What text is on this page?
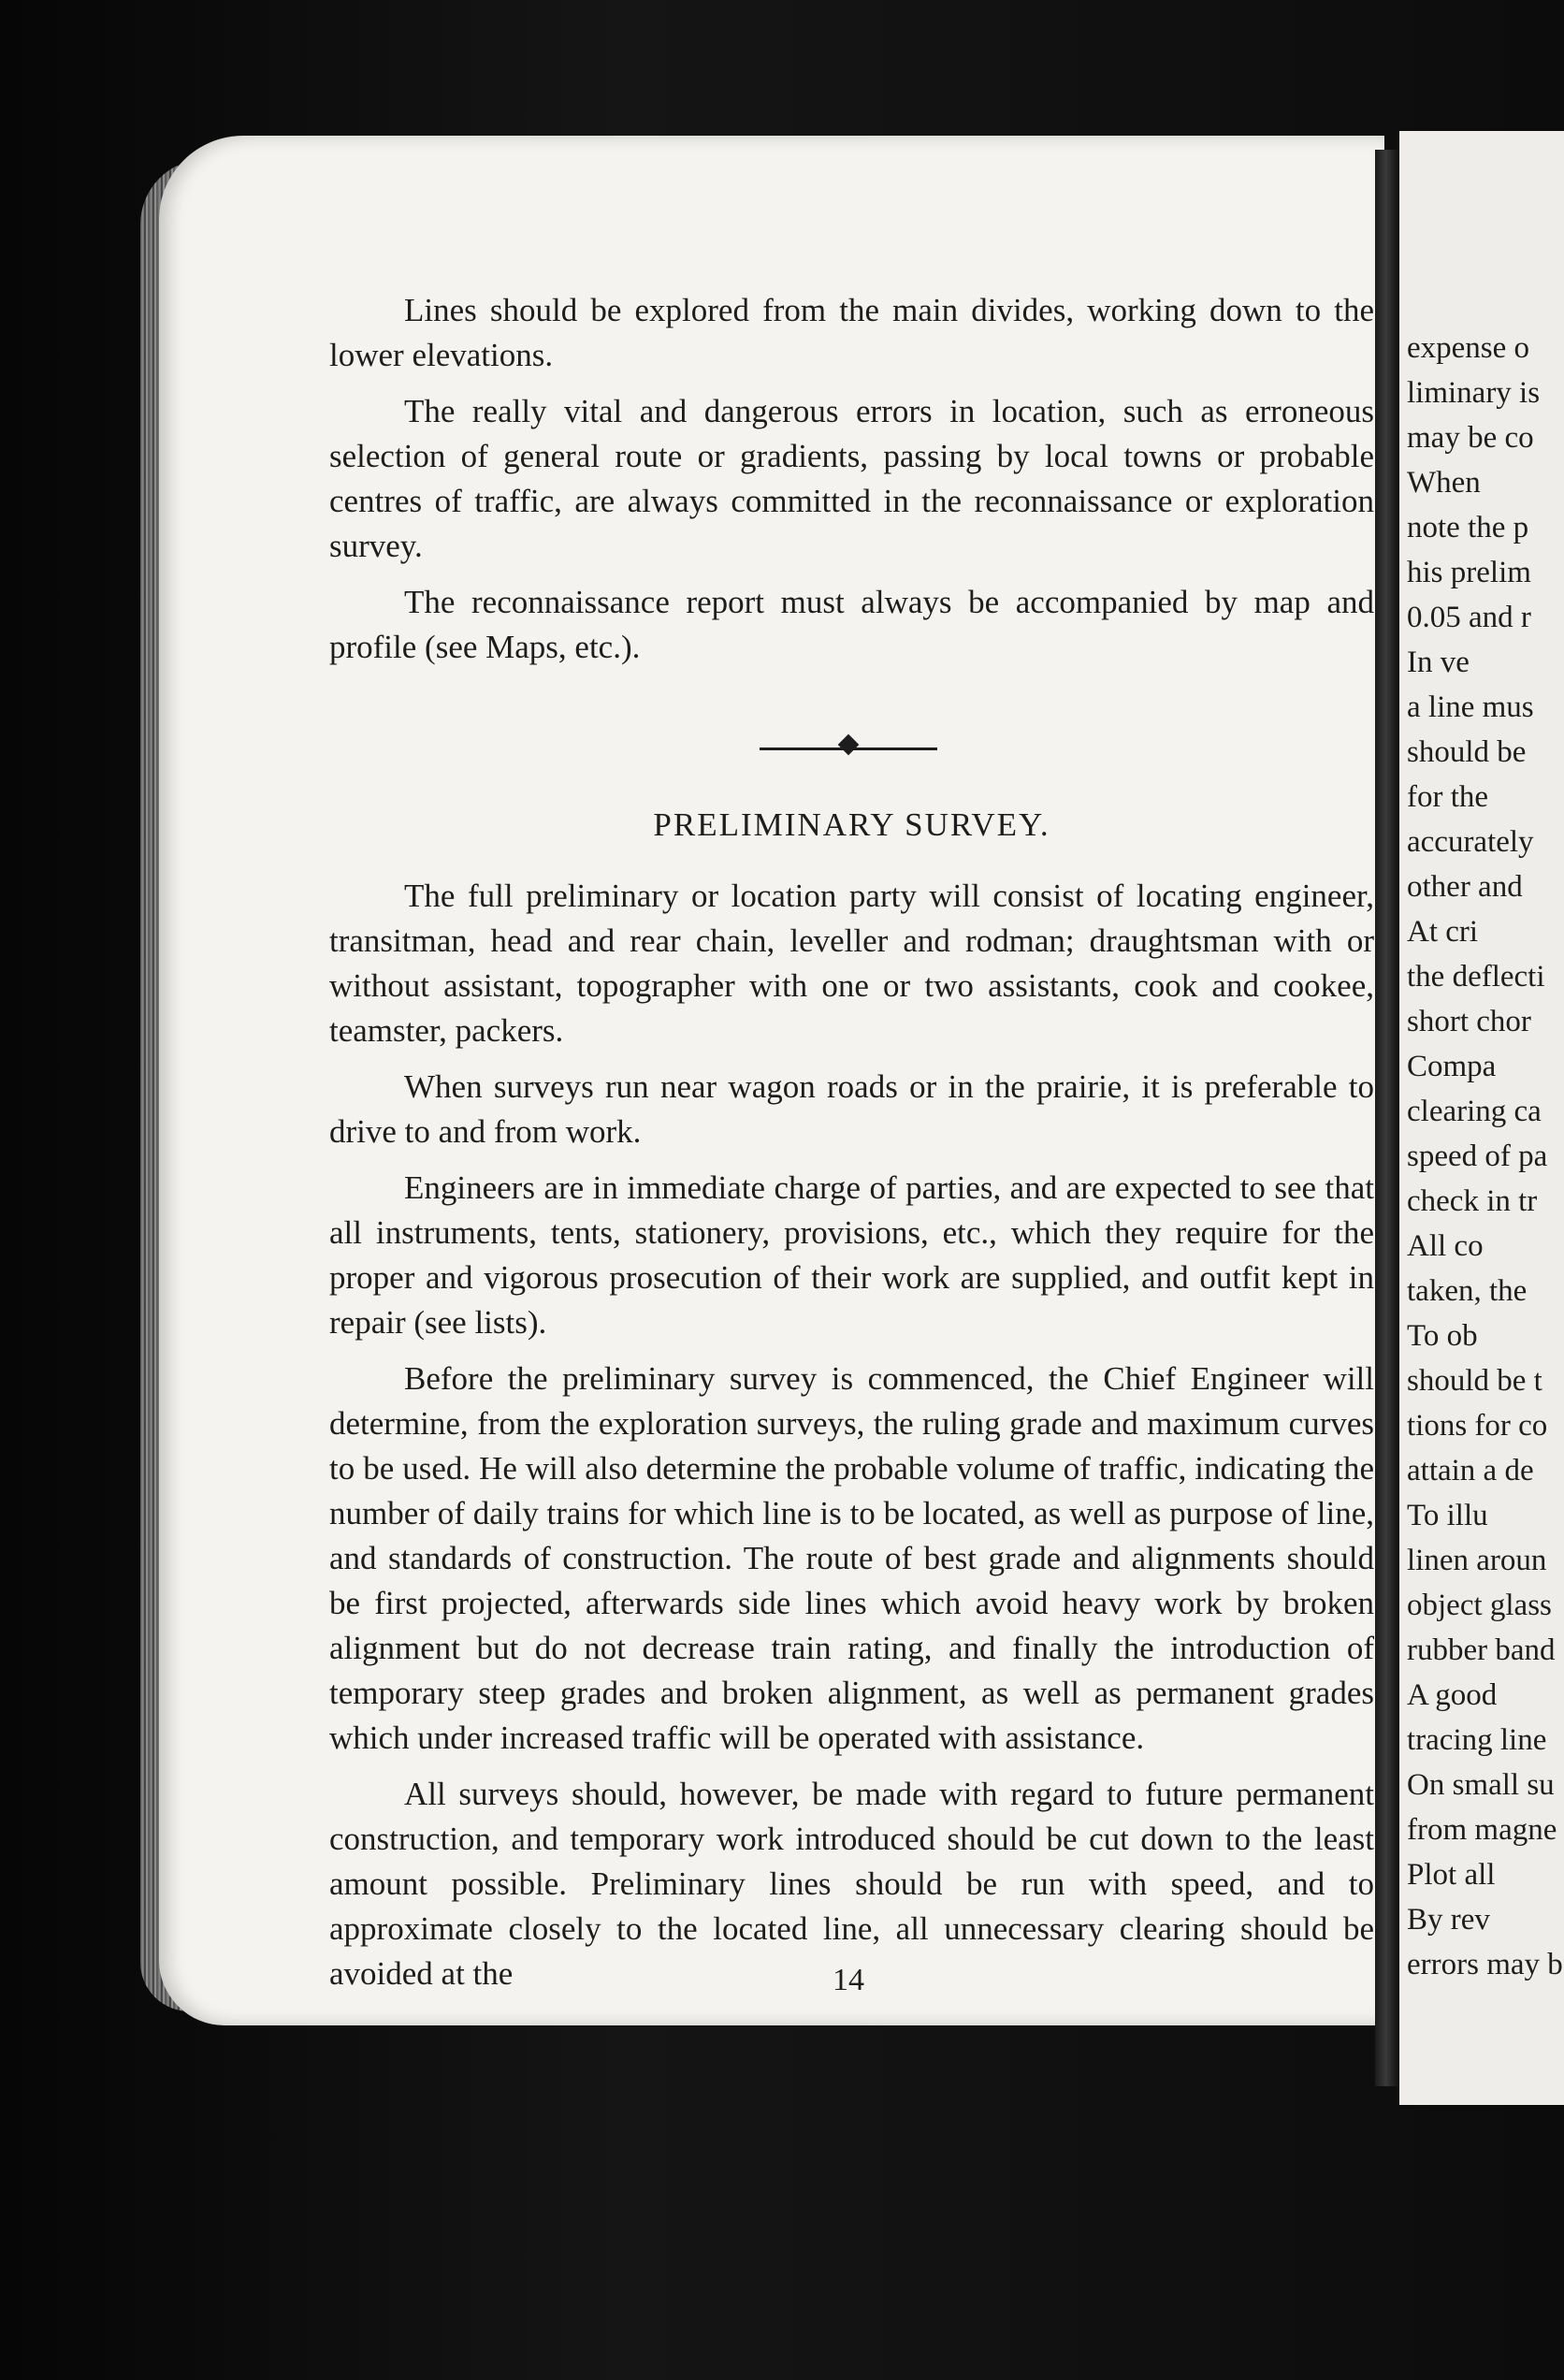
Lines should be explored from the main divides, working down to the lower elevations.

The really vital and dangerous errors in location, such as erroneous selection of general route or gradients, passing by local towns or probable centres of traffic, are always committed in the reconnaissance or exploration survey.

The reconnaissance report must always be accompanied by map and profile (see Maps, etc.).

PRELIMINARY SURVEY.

The full preliminary or location party will consist of locating engineer, transitman, head and rear chain, leveller and rodman; draughtsman with or without assistant, topographer with one or two assistants, cook and cookee, teamster, packers.

When surveys run near wagon roads or in the prairie, it is preferable to drive to and from work.

Engineers are in immediate charge of parties, and are expected to see that all instruments, tents, stationery, provisions, etc., which they require for the proper and vigorous prosecution of their work are supplied, and outfit kept in repair (see lists).

Before the preliminary survey is commenced, the Chief Engineer will determine, from the exploration surveys, the ruling grade and maximum curves to be used. He will also determine the probable volume of traffic, indicating the number of daily trains for which line is to be located, as well as purpose of line, and standards of construction. The route of best grade and alignments should be first projected, afterwards side lines which avoid heavy work by broken alignment but do not decrease train rating, and finally the introduction of temporary steep grades and broken alignment, as well as permanent grades which under increased traffic will be operated with assistance.

All surveys should, however, be made with regard to future permanent construction, and temporary work introduced should be cut down to the least amount possible. Preliminary lines should be run with speed, and to approximate closely to the located line, all unnecessary clearing should be avoided at the	14
expense o
liminary is
may be co
When
note the p
his prelim
0.05 and r
In ve
a line mus
should be
for the
accurately
other and
At cri
the deflecti
short chor
Compa
clearing ca
speed of pa
check in tr
All co
taken, the
To ob
should be t
tions for co
attain a de
To illu
linen aroun
object glass
rubber band
A good
tracing line
On small su
from magne
Plot all
By rev
errors may b
